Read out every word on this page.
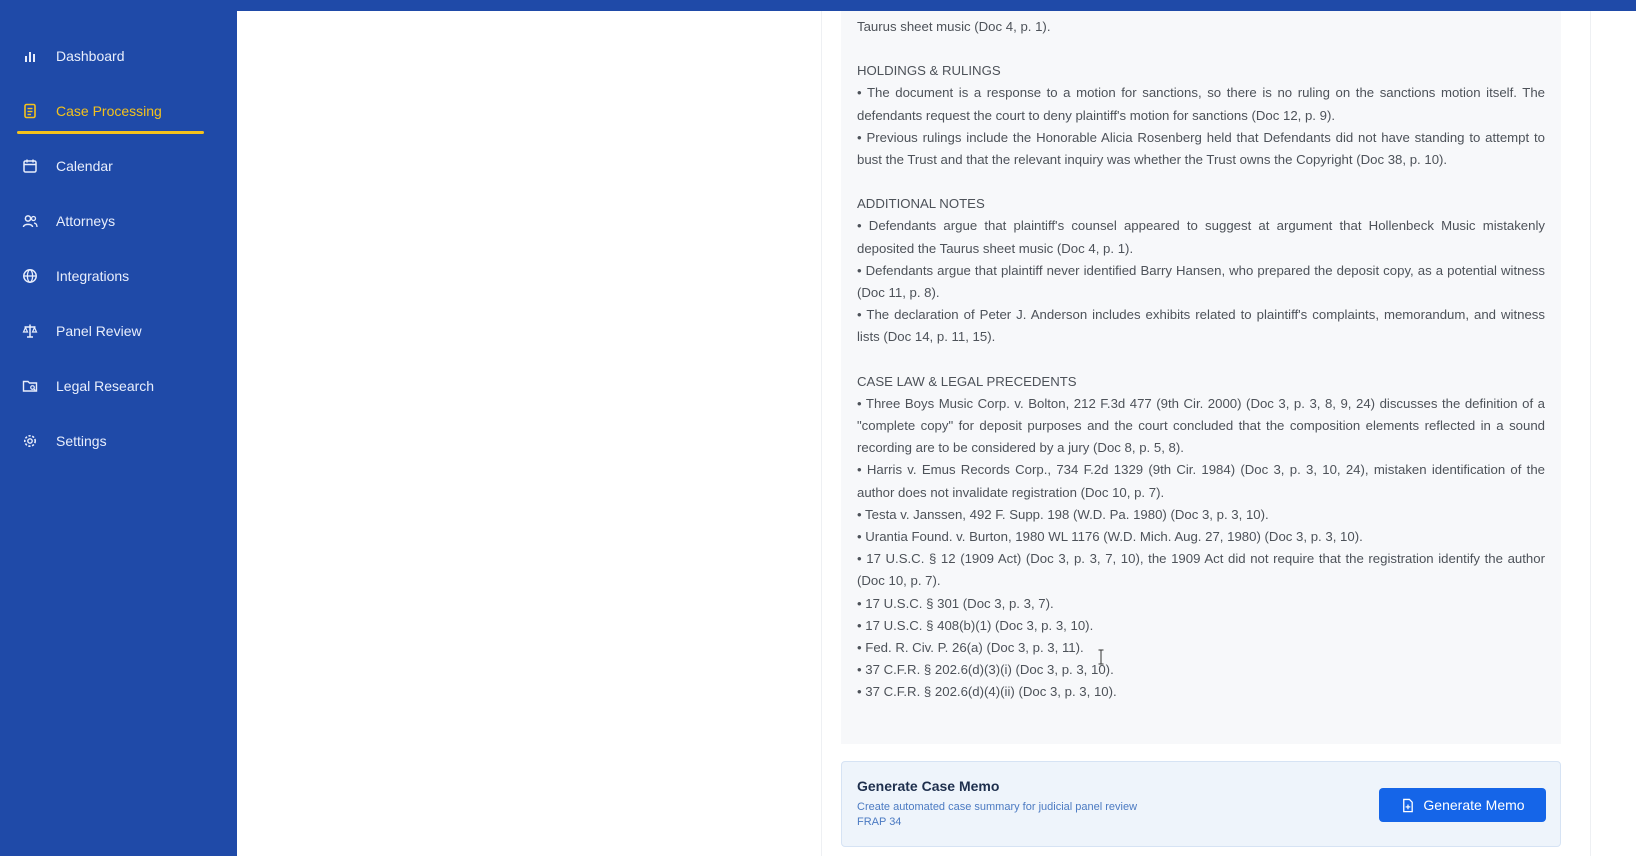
Dashboard
Case Processing
Calendar
Attorneys
Integrations
Panel Review
Legal Research
Settings
Taurus sheet music (Doc 4, p. 1).
HOLDINGS & RULINGS
• The document is a response to a motion for sanctions, so there is no ruling on the sanctions motion itself. The defendants request the court to deny plaintiff's motion for sanctions (Doc 12, p. 9).
• Previous rulings include the Honorable Alicia Rosenberg held that Defendants did not have standing to attempt to bust the Trust and that the relevant inquiry was whether the Trust owns the Copyright (Doc 38, p. 10).
ADDITIONAL NOTES
• Defendants argue that plaintiff's counsel appeared to suggest at argument that Hollenbeck Music mistakenly deposited the Taurus sheet music (Doc 4, p. 1).
• Defendants argue that plaintiff never identified Barry Hansen, who prepared the deposit copy, as a potential witness (Doc 11, p. 8).
• The declaration of Peter J. Anderson includes exhibits related to plaintiff's complaints, memorandum, and witness lists (Doc 14, p. 11, 15).
CASE LAW & LEGAL PRECEDENTS
• Three Boys Music Corp. v. Bolton, 212 F.3d 477 (9th Cir. 2000) (Doc 3, p. 3, 8, 9, 24) discusses the definition of a "complete copy" for deposit purposes and the court concluded that the composition elements reflected in a sound recording are to be considered by a jury (Doc 8, p. 5, 8).
• Harris v. Emus Records Corp., 734 F.2d 1329 (9th Cir. 1984) (Doc 3, p. 3, 10, 24), mistaken identification of the author does not invalidate registration (Doc 10, p. 7).
• Testa v. Janssen, 492 F. Supp. 198 (W.D. Pa. 1980) (Doc 3, p. 3, 10).
• Urantia Found. v. Burton, 1980 WL 1176 (W.D. Mich. Aug. 27, 1980) (Doc 3, p. 3, 10).
• 17 U.S.C. § 12 (1909 Act) (Doc 3, p. 3, 7, 10), the 1909 Act did not require that the registration identify the author (Doc 10, p. 7).
• 17 U.S.C. § 301 (Doc 3, p. 3, 7).
• 17 U.S.C. § 408(b)(1) (Doc 3, p. 3, 10).
• Fed. R. Civ. P. 26(a) (Doc 3, p. 3, 11).
• 37 C.F.R. § 202.6(d)(3)(i) (Doc 3, p. 3, 10).
• 37 C.F.R. § 202.6(d)(4)(ii) (Doc 3, p. 3, 10).
Generate Case Memo
Create automated case summary for judicial panel review
FRAP 34
Generate Memo
